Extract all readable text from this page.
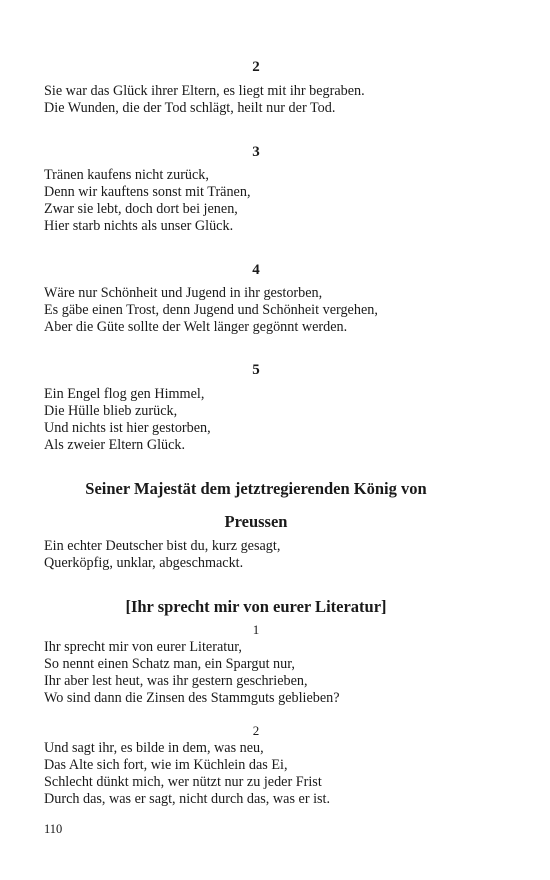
2
Sie war das Glück ihrer Eltern, es liegt mit ihr begraben.
Die Wunden, die der Tod schlägt, heilt nur der Tod.
3
Tränen kaufens nicht zurück,
Denn wir kauftens sonst mit Tränen,
Zwar sie lebt, doch dort bei jenen,
Hier starb nichts als unser Glück.
4
Wäre nur Schönheit und Jugend in ihr gestorben,
Es gäbe einen Trost, denn Jugend und Schönheit vergehen,
Aber die Güte sollte der Welt länger gegönnt werden.
5
Ein Engel flog gen Himmel,
Die Hülle blieb zurück,
Und nichts ist hier gestorben,
Als zweier Eltern Glück.
Seiner Majestät dem jetztregierenden König von
Preussen
Ein echter Deutscher bist du, kurz gesagt,
Querköpfig, unklar, abgeschmackt.
[Ihr sprecht mir von eurer Literatur]
1
Ihr sprecht mir von eurer Literatur,
So nennt einen Schatz man, ein Spargut nur,
Ihr aber lest heut, was ihr gestern geschrieben,
Wo sind dann die Zinsen des Stammguts geblieben?
2
Und sagt ihr, es bilde in dem, was neu,
Das Alte sich fort, wie im Küchlein das Ei,
Schlecht dünkt mich, wer nützt nur zu jeder Frist
Durch das, was er sagt, nicht durch das, was er ist.
110
